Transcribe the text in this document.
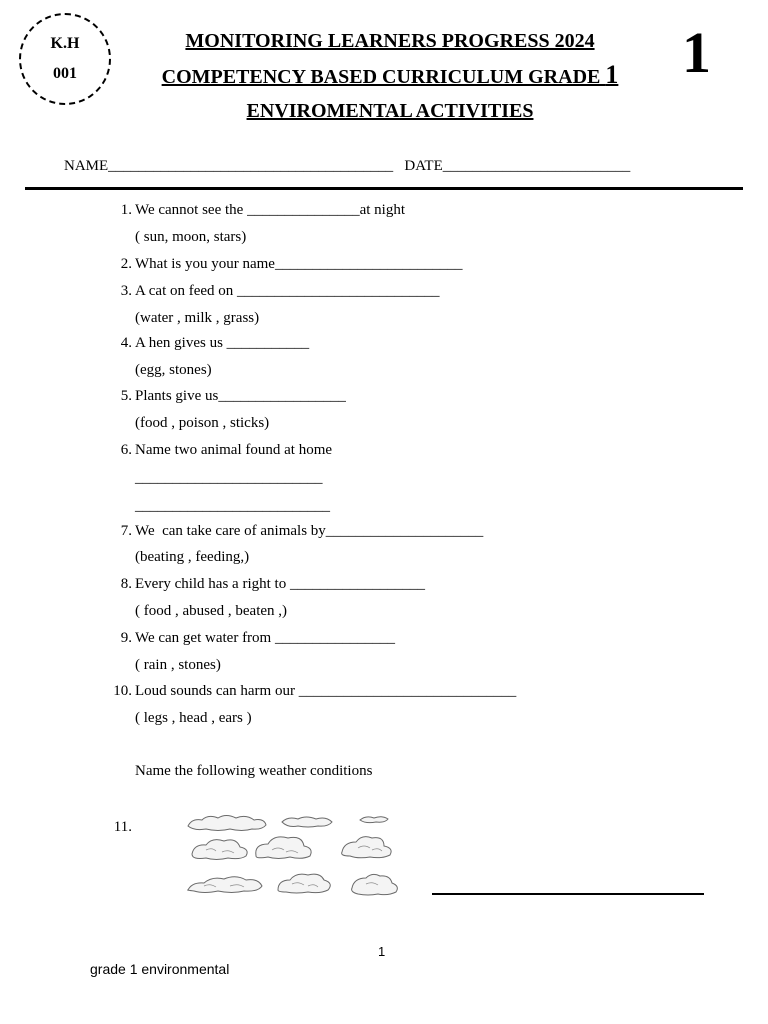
K.H
001
MONITORING LEARNERS PROGRESS 2024
COMPETENCY BASED CURRICULUM GRADE 1
ENVIROMENTAL ACTIVITIES
1
NAME______________________________________   DATE_________________________
1. We cannot see the _______________at night
( sun, moon, stars)
2. What is you your name_________________________
3. A cat on feed on ___________________________
(water , milk , grass)
4. A hen gives us ___________
(egg, stones)
5. Plants give us_________________
(food , poison , sticks)
6. Name two animal found at home
_________________________
__________________________
7. We  can take care of animals by_____________________
(beating , feeding,)
8. Every child has a right to __________________
( food , abused , beaten ,)
9. We can get water from ________________
( rain , stones)
10. Loud sounds can harm our _____________________________
( legs , head , ears )
Name the following weather conditions
11.
1
grade 1 environmental
